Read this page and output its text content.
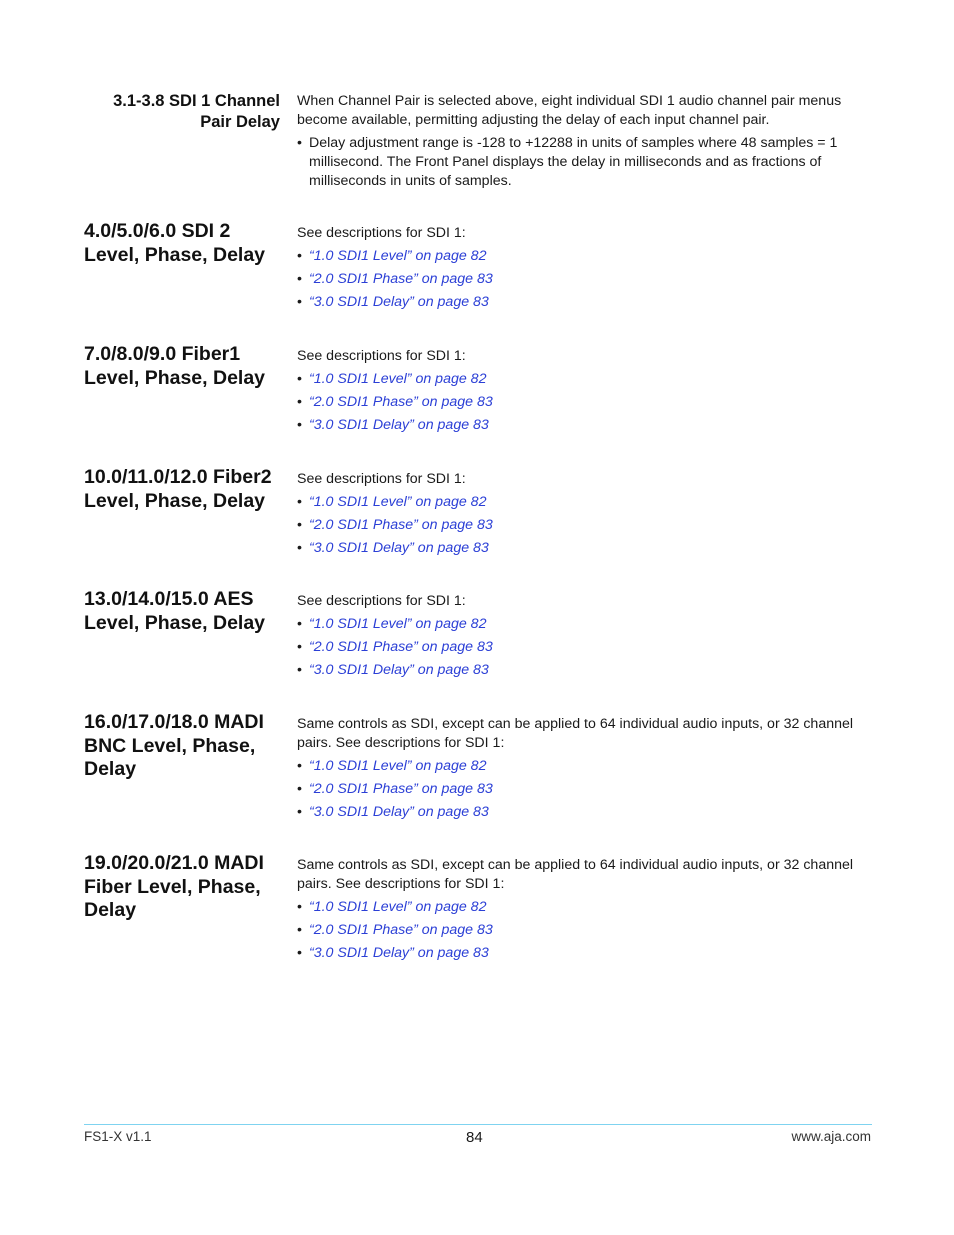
3.1-3.8 SDI 1 Channel Pair Delay

When Channel Pair is selected above, eight individual SDI 1 audio channel pair menus become available, permitting adjusting the delay of each input channel pair.

• Delay adjustment range is -128 to +12288 in units of samples where 48 samples = 1 millisecond. The Front Panel displays the delay in milliseconds and as fractions of milliseconds in units of samples.
4.0/5.0/6.0 SDI 2 Level, Phase, Delay

See descriptions for SDI 1:

• “1.0 SDI1 Level” on page 82
• “2.0 SDI1 Phase” on page 83
• “3.0 SDI1 Delay” on page 83
7.0/8.0/9.0 Fiber1 Level, Phase, Delay

See descriptions for SDI 1:

• “1.0 SDI1 Level” on page 82
• “2.0 SDI1 Phase” on page 83
• “3.0 SDI1 Delay” on page 83
10.0/11.0/12.0 Fiber2 Level, Phase, Delay

See descriptions for SDI 1:

• “1.0 SDI1 Level” on page 82
• “2.0 SDI1 Phase” on page 83
• “3.0 SDI1 Delay” on page 83
13.0/14.0/15.0 AES Level, Phase, Delay

See descriptions for SDI 1:

• “1.0 SDI1 Level” on page 82
• “2.0 SDI1 Phase” on page 83
• “3.0 SDI1 Delay” on page 83
16.0/17.0/18.0 MADI BNC Level, Phase, Delay

Same controls as SDI, except can be applied to 64 individual audio inputs, or 32 channel pairs. See descriptions for SDI 1:

• “1.0 SDI1 Level” on page 82
• “2.0 SDI1 Phase” on page 83
• “3.0 SDI1 Delay” on page 83
19.0/20.0/21.0 MADI Fiber Level, Phase, Delay

Same controls as SDI, except can be applied to 64 individual audio inputs, or 32 channel pairs. See descriptions for SDI 1:

• “1.0 SDI1 Level” on page 82
• “2.0 SDI1 Phase” on page 83
• “3.0 SDI1 Delay” on page 83
FS1-X v1.1	84	www.aja.com
